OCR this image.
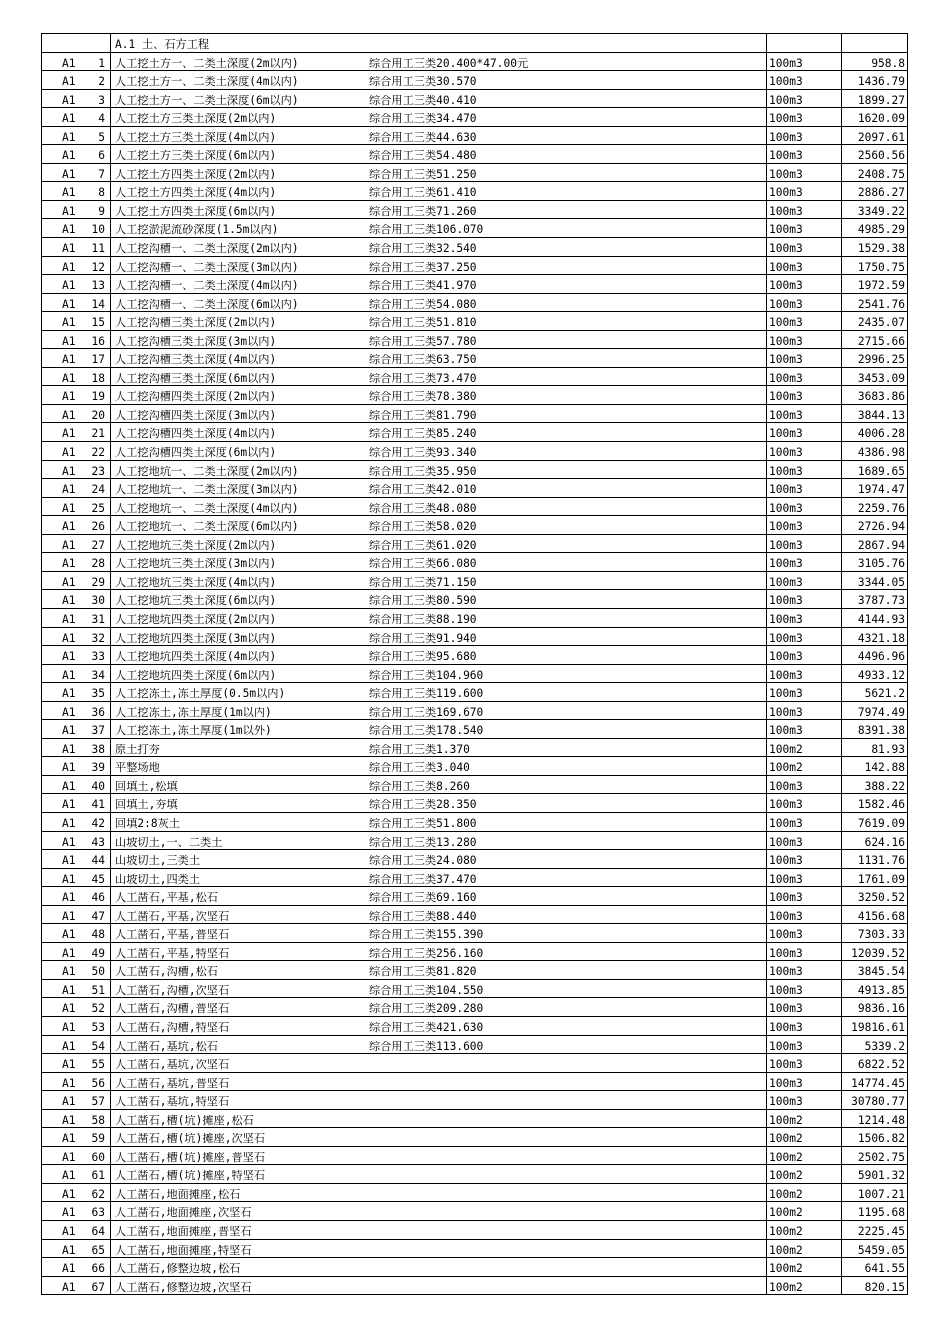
A.1 土、石方工程
A1 1 人工挖土方一、二类土深度(2m以内)	综合用工三类20.400*47.00元	100m3	958.8
A1 2 人工挖土方一、二类土深度(4m以内)	综合用工三类30.570	100m3	1436.79
A1 3 人工挖土方一、二类土深度(6m以内)	综合用工三类40.410	100m3	1899.27
A1 4 人工挖土方三类土深度(2m以内)	综合用工三类34.470	100m3	1620.09
A1 5 人工挖土方三类土深度(4m以内)	综合用工三类44.630	100m3	2097.61
A1 6 人工挖土方三类土深度(6m以内)	综合用工三类54.480	100m3	2560.56
A1 7 人工挖土方四类土深度(2m以内)	综合用工三类51.250	100m3	2408.75
A1 8 人工挖土方四类土深度(4m以内)	综合用工三类61.410	100m3	2886.27
A1 9 人工挖土方四类土深度(6m以内)	综合用工三类71.260	100m3	3349.22
A1 10 人工挖淤泥流砂深度(1.5m以内)	综合用工三类106.070	100m3	4985.29
A1 11 人工挖沟槽一、二类土深度(2m以内)	综合用工三类32.540	100m3	1529.38
A1 12 人工挖沟槽一、二类土深度(3m以内)	综合用工三类37.250	100m3	1750.75
A1 13 人工挖沟槽一、二类土深度(4m以内)	综合用工三类41.970	100m3	1972.59
A1 14 人工挖沟槽一、二类土深度(6m以内)	综合用工三类54.080	100m3	2541.76
A1 15 人工挖沟槽三类土深度(2m以内)	综合用工三类51.810	100m3	2435.07
A1 16 人工挖沟槽三类土深度(3m以内)	综合用工三类57.780	100m3	2715.66
A1 17 人工挖沟槽三类土深度(4m以内)	综合用工三类63.750	100m3	2996.25
A1 18 人工挖沟槽三类土深度(6m以内)	综合用工三类73.470	100m3	3453.09
A1 19 人工挖沟槽四类土深度(2m以内)	综合用工三类78.380	100m3	3683.86
A1 20 人工挖沟槽四类土深度(3m以内)	综合用工三类81.790	100m3	3844.13
A1 21 人工挖沟槽四类土深度(4m以内)	综合用工三类85.240	100m3	4006.28
A1 22 人工挖沟槽四类土深度(6m以内)	综合用工三类93.340	100m3	4386.98
A1 23 人工挖地坑一、二类土深度(2m以内)	综合用工三类35.950	100m3	1689.65
A1 24 人工挖地坑一、二类土深度(3m以内)	综合用工三类42.010	100m3	1974.47
A1 25 人工挖地坑一、二类土深度(4m以内)	综合用工三类48.080	100m3	2259.76
A1 26 人工挖地坑一、二类土深度(6m以内)	综合用工三类58.020	100m3	2726.94
A1 27 人工挖地坑三类土深度(2m以内)	综合用工三类61.020	100m3	2867.94
A1 28 人工挖地坑三类土深度(3m以内)	综合用工三类66.080	100m3	3105.76
A1 29 人工挖地坑三类土深度(4m以内)	综合用工三类71.150	100m3	3344.05
A1 30 人工挖地坑三类土深度(6m以内)	综合用工三类80.590	100m3	3787.73
A1 31 人工挖地坑四类土深度(2m以内)	综合用工三类88.190	100m3	4144.93
A1 32 人工挖地坑四类土深度(3m以内)	综合用工三类91.940	100m3	4321.18
A1 33 人工挖地坑四类土深度(4m以内)	综合用工三类95.680	100m3	4496.96
A1 34 人工挖地坑四类土深度(6m以内)	综合用工三类104.960	100m3	4933.12
A1 35 人工挖冻土,冻土厚度(0.5m以内)	综合用工三类119.600	100m3	5621.2
A1 36 人工挖冻土,冻土厚度(1m以内)	综合用工三类169.670	100m3	7974.49
A1 37 人工挖冻土,冻土厚度(1m以外)	综合用工三类178.540	100m3	8391.38
A1 38 原土打夯	综合用工三类1.370	100m2	81.93
A1 39 平整场地	综合用工三类3.040	100m2	142.88
A1 40 回填土,松填	综合用工三类8.260	100m3	388.22
A1 41 回填土,夯填	综合用工三类28.350	100m3	1582.46
A1 42 回填2:8灰土	综合用工三类51.800	100m3	7619.09
A1 43 山坡切土,一、二类土	综合用工三类13.280	100m3	624.16
A1 44 山坡切土,三类土	综合用工三类24.080	100m3	1131.76
A1 45 山坡切土,四类土	综合用工三类37.470	100m3	1761.09
A1 46 人工凿石,平基,松石	综合用工三类69.160	100m3	3250.52
A1 47 人工凿石,平基,次坚石	综合用工三类88.440	100m3	4156.68
A1 48 人工凿石,平基,普坚石	综合用工三类155.390	100m3	7303.33
A1 49 人工凿石,平基,特坚石	综合用工三类256.160	100m3	12039.52
A1 50 人工凿石,沟槽,松石	综合用工三类81.820	100m3	3845.54
A1 51 人工凿石,沟槽,次坚石	综合用工三类104.550	100m3	4913.85
A1 52 人工凿石,沟槽,普坚石	综合用工三类209.280	100m3	9836.16
A1 53 人工凿石,沟槽,特坚石	综合用工三类421.630	100m3	19816.61
A1 54 人工凿石,基坑,松石	综合用工三类113.600	100m3	5339.2
A1 55 人工凿石,基坑,次坚石	100m3	6822.52
A1 56 人工凿石,基坑,普坚石	100m3	14774.45
A1 57 人工凿石,基坑,特坚石	100m3	30780.77
A1 58 人工凿石,槽(坑)摊座,松石	100m2	1214.48
A1 59 人工凿石,槽(坑)摊座,次坚石	100m2	1506.82
A1 60 人工凿石,槽(坑)摊座,普坚石	100m2	2502.75
A1 61 人工凿石,槽(坑)摊座,特坚石	100m2	5901.32
A1 62 人工凿石,地面摊座,松石	100m2	1007.21
A1 63 人工凿石,地面摊座,次坚石	100m2	1195.68
A1 64 人工凿石,地面摊座,普坚石	100m2	2225.45
A1 65 人工凿石,地面摊座,特坚石	100m2	5459.05
A1 66 人工凿石,修整边坡,松石	100m2	641.55
A1 67 人工凿石,修整边坡,次坚石	100m2	820.15
